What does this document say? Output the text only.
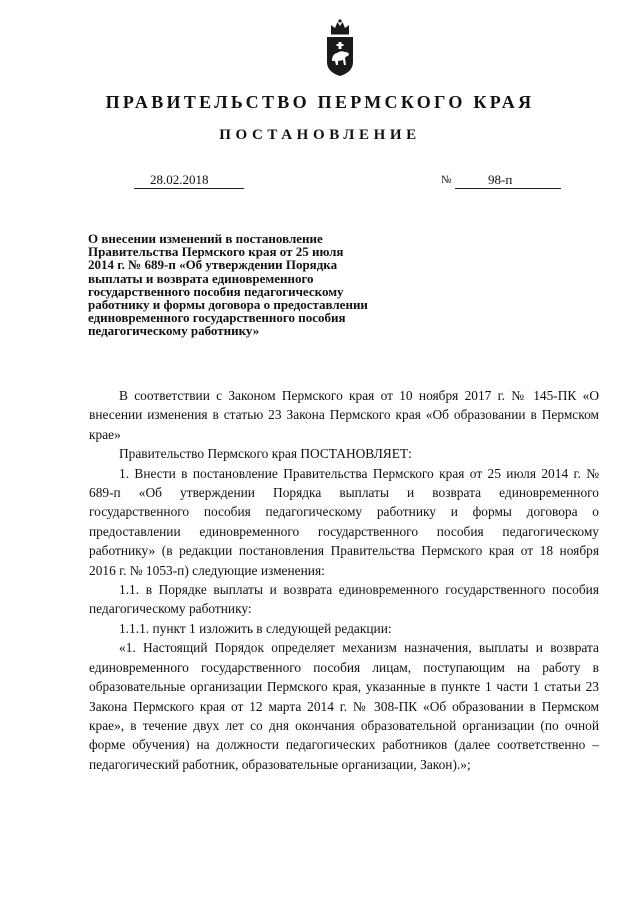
ПРАВИТЕЛЬСТВО ПЕРМСКОГО КРАЯ
ПОСТАНОВЛЕНИЕ
28.02.2018	№	98-п
О внесении изменений в постановление
Правительства Пермского края от 25 июля
2014 г. № 689-п «Об утверждении Порядка
выплаты и возврата единовременного
государственного пособия педагогическому
работнику и формы договора о предоставлении
единовременного государственного пособия
педагогическому работнику»

В соответствии с Законом Пермского края от 10 ноября 2017 г. № 145-ПК «О внесении изменения в статью 23 Закона Пермского края «Об образовании в Пермском крае»

Правительство Пермского края ПОСТАНОВЛЯЕТ:

1. Внести в постановление Правительства Пермского края от 25 июля 2014 г. № 689-п «Об утверждении Порядка выплаты и возврата единовременного государственного пособия педагогическому работнику и формы договора о предоставлении единовременного государственного пособия педагогическому работнику» (в редакции постановления Правительства Пермского края от 18 ноября 2016 г. № 1053-п) следующие изменения:

1.1. в Порядке выплаты и возврата единовременного государственного пособия педагогическому работнику:

1.1.1. пункт 1 изложить в следующей редакции:

«1. Настоящий Порядок определяет механизм назначения, выплаты и возврата единовременного государственного пособия лицам, поступающим на работу в образовательные организации Пермского края, указанные в пункте 1 части 1 статьи 23 Закона Пермского края от 12 марта 2014 г. № 308-ПК «Об образовании в Пермском крае», в течение двух лет со дня окончания образовательной организации (по очной форме обучения) на должности педагогических работников (далее соответственно – педагогический работник, образовательные организации, Закон).»;
